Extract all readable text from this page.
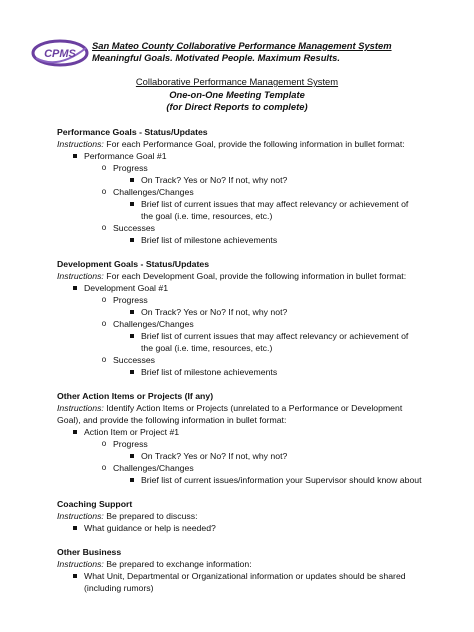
CPMS
San Mateo County Collaborative Performance Management System
Meaningful Goals. Motivated People. Maximum Results.
Collaborative Performance Management System
One-on-One Meeting Template
(for Direct Reports to complete)
Performance Goals - Status/Updates
Instructions: For each Performance Goal, provide the following information in bullet format:
Performance Goal #1
o Progress
On Track? Yes or No? If not, why not?
o Challenges/Changes
Brief list of current issues that may affect relevancy or achievement of
the goal (i.e. time, resources, etc.)
o Successes
Brief list of milestone achievements
Development Goals - Status/Updates
Instructions: For each Development Goal, provide the following information in bullet format:
Development Goal #1
o Progress
On Track? Yes or No? If not, why not?
o Challenges/Changes
Brief list of current issues that may affect relevancy or achievement of
the goal (i.e. time, resources, etc.)
o Successes
Brief list of milestone achievements
Other Action Items or Projects (If any)
Instructions: Identify Action Items or Projects (unrelated to a Performance or Development
Goal), and provide the following information in bullet format:
Action Item or Project #1
o Progress
On Track? Yes or No? If not, why not?
o Challenges/Changes
Brief list of current issues/information your Supervisor should know about
Coaching Support
Instructions: Be prepared to discuss:
What guidance or help is needed?
Other Business
Instructions: Be prepared to exchange information:
What Unit, Departmental or Organizational information or updates should be shared
(including rumors)
